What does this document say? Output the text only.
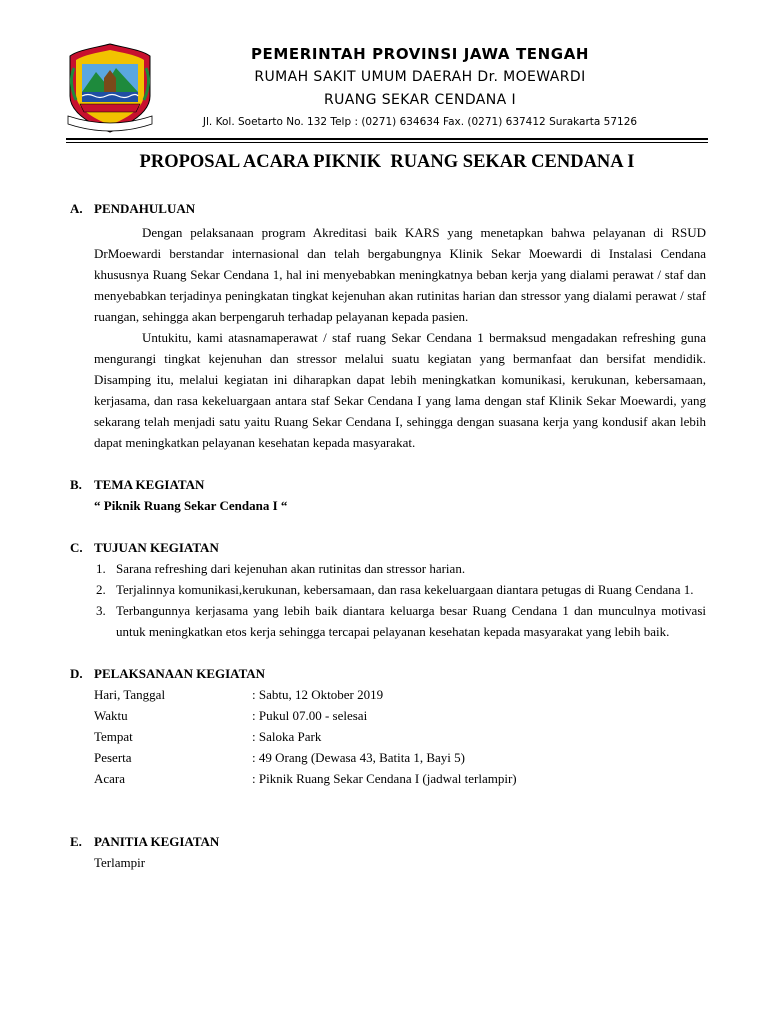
PEMERINTAH PROVINSI JAWA TENGAH
RUMAH SAKIT UMUM DAERAH Dr. MOEWARDI
RUANG SEKAR CENDANA I
Jl. Kol. Soetarto No. 132 Telp : (0271) 634634 Fax. (0271) 637412 Surakarta 57126
PROPOSAL ACARA PIKNIK  RUANG SEKAR CENDANA I
A. PENDAHULUAN

Dengan pelaksanaan program Akreditasi baik KARS yang menetapkan bahwa pelayanan di RSUD DrMoewardi berstandar internasional dan telah bergabungnya Klinik Sekar Moewardi di Instalasi Cendana khususnya Ruang Sekar Cendana 1, hal ini menyebabkan meningkatnya beban kerja yang dialami perawat / staf dan menyebabkan terjadinya peningkatan tingkat kejenuhan akan rutinitas harian dan stressor yang dialami perawat / staf ruangan, sehingga akan berpengaruh terhadap pelayanan kepada pasien.

Untukitu, kami atasnamaperawat / staf ruang Sekar Cendana 1 bermaksud mengadakan refreshing guna mengurangi tingkat kejenuhan dan stressor melalui suatu kegiatan yang bermanfaat dan bersifat mendidik. Disamping itu, melalui kegiatan ini diharapkan dapat lebih meningkatkan komunikasi, kerukunan, kebersamaan, kerjasama, dan rasa kekeluargaan antara staf Sekar Cendana I yang lama dengan staf Klinik Sekar Moewardi, yang sekarang telah menjadi satu yaitu Ruang Sekar Cendana I, sehingga dengan suasana kerja yang kondusif akan lebih dapat meningkatkan pelayanan kesehatan kepada masyarakat.

B. TEMA KEGIATAN
“ Piknik Ruang Sekar Cendana I “
C. TUJUAN KEGIATAN
1. Sarana refreshing dari kejenuhan akan rutinitas dan stressor harian.
2. Terjalinnya komunikasi,kerukunan, kebersamaan, dan rasa kekeluargaan diantara petugas di Ruang Cendana 1.
3. Terbangunnya kerjasama yang lebih baik diantara keluarga besar Ruang Cendana 1 dan munculnya motivasi untuk meningkatkan etos kerja sehingga tercapai pelayanan kesehatan kepada masyarakat yang lebih baik.
D. PELAKSANAAN KEGIATAN
Hari, Tanggal	: Sabtu, 12 Oktober 2019
Waktu	: Pukul 07.00 - selesai
Tempat	: Saloka Park
Peserta	: 49 Orang (Dewasa 43, Batita 1, Bayi 5)
Acara	: Piknik Ruang Sekar Cendana I (jadwal terlampir)
E. PANITIA KEGIATAN
Terlampir
